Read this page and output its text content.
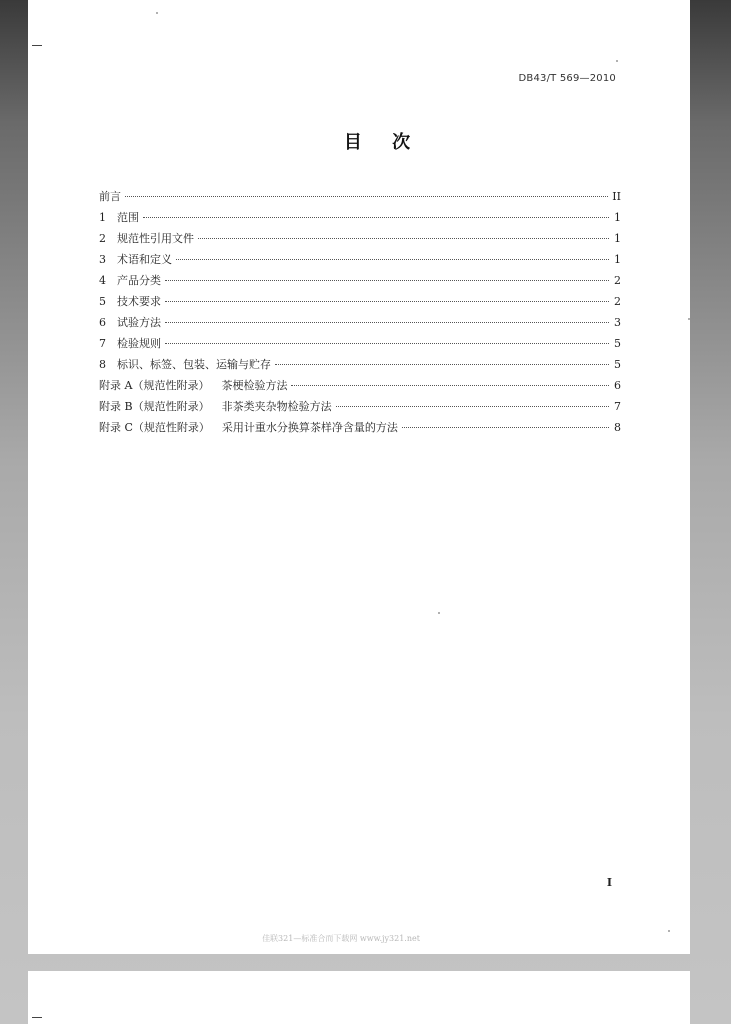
DB43/T 569—2010
目 次
前言	II
1	范围	1
2	规范性引用文件	1
3	术语和定义	1
4	产品分类	2
5	技术要求	2
6	试验方法	3
7	检验规则	5
8	标识、标签、包装、运输与贮存	5
附录 A（规范性附录） 茶梗检验方法	6
附录 B（规范性附录） 非茶类夹杂物检验方法	7
附录 C（规范性附录） 采用计重水分换算茶样净含量的方法	8
I
佳联321—标准合而下载网 www.jy321.net
